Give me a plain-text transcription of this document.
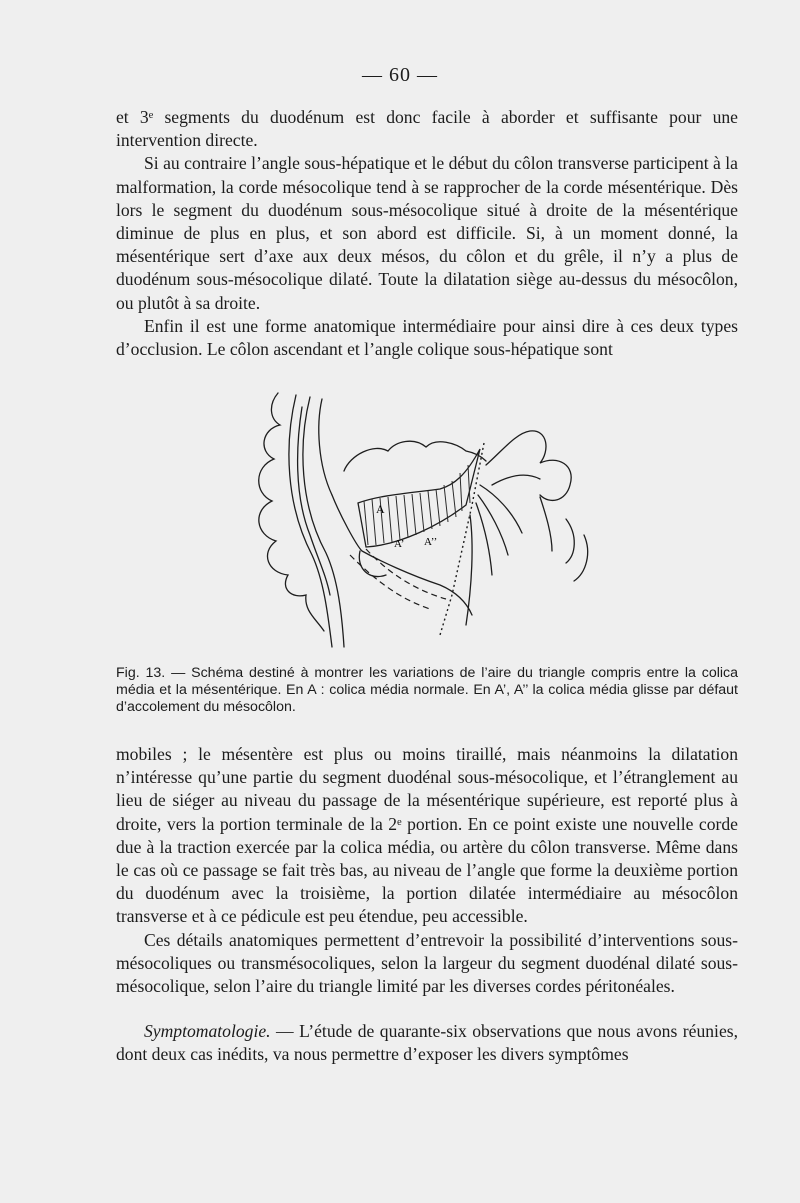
— 60 —

et 3ᵉ segments du duodénum est donc facile à aborder et suffisante pour une intervention directe.

Si au contraire l’angle sous-hépatique et le début du côlon transverse participent à la malformation, la corde mésocolique tend à se rapprocher de la corde mésentérique. Dès lors le segment du duodénum sous-mésocolique situé à droite de la mésentérique diminue de plus en plus, et son abord est difficile. Si, à un moment donné, la mésentérique sert d’axe aux deux mésos, du côlon et du grêle, il n’y a plus de duodénum sous-mésocolique dilaté. Toute la dilatation siège au-dessus du mésocôlon, ou plutôt à sa droite.

Enfin il est une forme anatomique intermédiaire pour ainsi dire à ces deux types d’occlusion. Le côlon ascendant et l’angle colique sous-hépatique sont

A
A’ A’’
Fig. 13. — Schéma destiné à montrer les variations de l’aire du triangle compris entre la colica média et la mésentérique. En A : colica média normale. En A’, A’’ la colica média glisse par défaut d’accolement du mésocôlon.

mobiles ; le mésentère est plus ou moins tiraillé, mais néanmoins la dilatation n’intéresse qu’une partie du segment duodénal sous-mésocolique, et l’étranglement au lieu de siéger au niveau du passage de la mésentérique supérieure, est reporté plus à droite, vers la portion terminale de la 2ᵉ portion. En ce point existe une nouvelle corde due à la traction exercée par la colica média, ou artère du côlon transverse. Même dans le cas où ce passage se fait très bas, au niveau de l’angle que forme la deuxième portion du duodénum avec la troisième, la portion dilatée intermédiaire au mésocôlon transverse et à ce pédicule est peu étendue, peu accessible.

Ces détails anatomiques permettent d’entrevoir la possibilité d’interventions sous-mésocoliques ou transmésocoliques, selon la largeur du segment duodénal dilaté sous-mésocolique, selon l’aire du triangle limité par les diverses cordes péritonéales.

Symptomatologie. — L’étude de quarante-six observations que nous avons réunies, dont deux cas inédits, va nous permettre d’exposer les divers symptômes
